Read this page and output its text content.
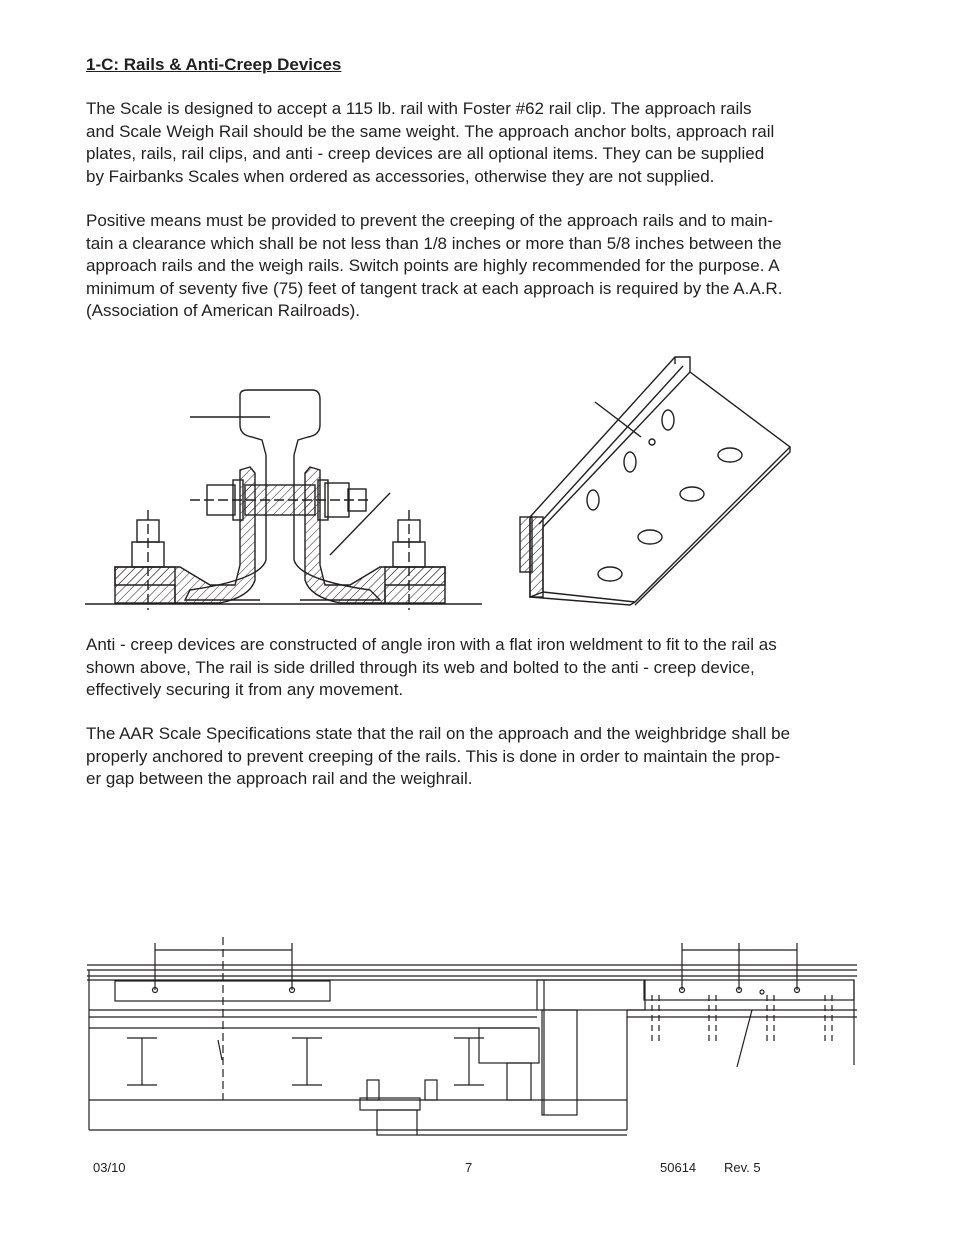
1-C: Rails & Anti-Creep Devices

The Scale is designed to accept a 115 lb. rail with Foster #62 rail clip. The approach rails
and Scale Weigh Rail should be the same weight. The approach anchor bolts, approach rail
plates, rails, rail clips, and anti - creep devices are all optional items. They can be supplied
by Fairbanks Scales when ordered as accessories, otherwise they are not supplied.

Positive means must be provided to prevent the creeping of the approach rails and to main-
tain a clearance which shall be not less than 1/8 inches or more than 5/8 inches between the
approach rails and the weigh rails. Switch points are highly recommended for the purpose. A
minimum of seventy five (75) feet of tangent track at each approach is required by the A.A.R.
(Association of American Railroads).

Anti - creep devices are constructed of angle iron with a flat iron weldment to fit to the rail as
shown above, The rail is side drilled through its web and bolted to the anti - creep device,
effectively securing it from any movement.

The AAR Scale Specifications state that the rail on the approach and the weighbridge shall be
properly anchored to prevent creeping of the rails. This is done in order to maintain the prop-
er gap between the approach rail and the weighrail.

03/10	7	50614 Rev. 5
